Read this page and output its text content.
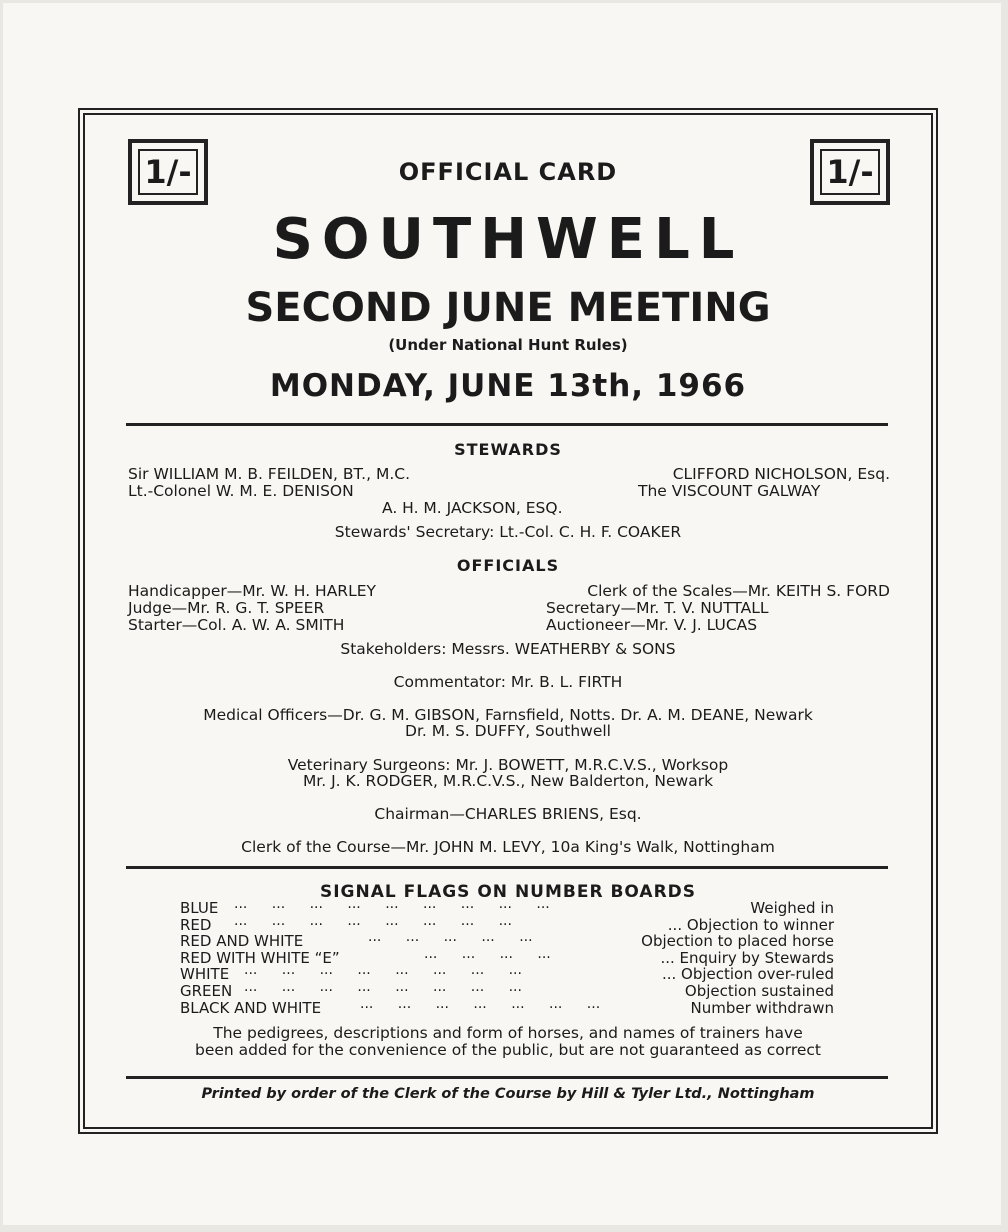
1/-	1/-
OFFICIAL CARD
SOUTHWELL
SECOND JUNE MEETING
(Under National Hunt Rules)
MONDAY, JUNE 13th, 1966
STEWARDS
Sir WILLIAM M. B. FEILDEN, BT., M.C.
Lt.-Colonel W. M. E. DENISON
CLIFFORD NICHOLSON, Esq.
The VISCOUNT GALWAY
A. H. M. JACKSON, ESQ.
Stewards' Secretary: Lt.-Col. C. H. F. COAKER
OFFICIALS
Handicapper—Mr. W. H. HARLEY
Judge—Mr. R. G. T. SPEER
Starter—Col. A. W. A. SMITH
Clerk of the Scales—Mr. KEITH S. FORD
Secretary—Mr. T. V. NUTTALL
Auctioneer—Mr. V. J. LUCAS
Stakeholders: Messrs. WEATHERBY & SONS
Commentator: Mr. B. L. FIRTH
Medical Officers—Dr. G. M. GIBSON, Farnsfield, Notts. Dr. A. M. DEANE, Newark
Dr. M. S. DUFFY, Southwell
Veterinary Surgeons: Mr. J. BOWETT, M.R.C.V.S., Worksop
Mr. J. K. RODGER, M.R.C.V.S., New Balderton, Newark
Chairman—CHARLES BRIENS, Esq.
Clerk of the Course—Mr. JOHN M. LEVY, 10a King's Walk, Nottingham
SIGNAL FLAGS ON NUMBER BOARDS
BLUE ... ... ... ... ... ... ... ... ...	Weighed in
RED ... ... ... ... ... ... ... ...	... Objection to winner
RED AND WHITE	... ... ... ... ...	Objection to placed horse
RED WITH WHITE “E”	... ... ... ...	... Enquiry by Stewards
WHITE ... ... ... ... ... ... ... ...	... Objection over-ruled
GREEN ... ... ... ... ... ... ... ...	Objection sustained
BLACK AND WHITE	... ... ... ... ... ... ...	Number withdrawn
The pedigrees, descriptions and form of horses, and names of trainers have
been added for the convenience of the public, but are not guaranteed as correct
Printed by order of the Clerk of the Course by Hill & Tyler Ltd., Nottingham
